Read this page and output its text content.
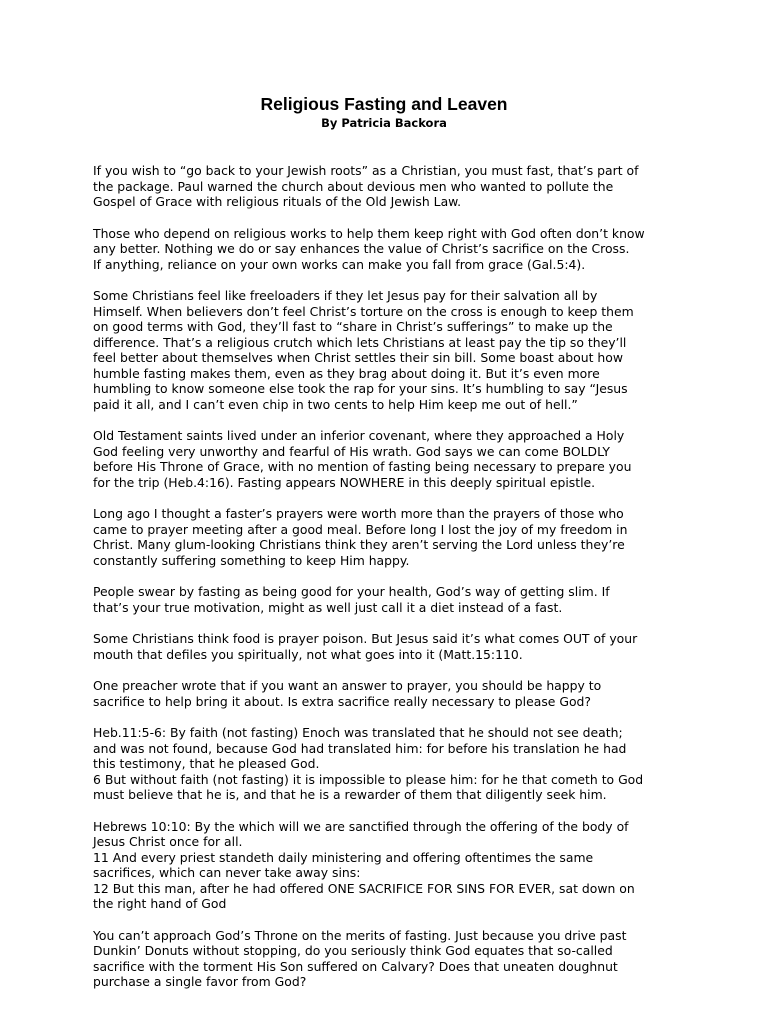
Religious Fasting and Leaven
By Patricia Backora

If you wish to “go back to your Jewish roots” as a Christian, you must fast, that’s part of
the package. Paul warned the church about devious men who wanted to pollute the
Gospel of Grace with religious rituals of the Old Jewish Law.

Those who depend on religious works to help them keep right with God often don’t know
any better. Nothing we do or say enhances the value of Christ’s sacrifice on the Cross.
If anything, reliance on your own works can make you fall from grace (Gal.5:4).

Some Christians feel like freeloaders if they let Jesus pay for their salvation all by
Himself. When believers don’t feel Christ’s torture on the cross is enough to keep them
on good terms with God, they’ll fast to “share in Christ’s sufferings” to make up the
difference. That’s a religious crutch which lets Christians at least pay the tip so they’ll
feel better about themselves when Christ settles their sin bill. Some boast about how
humble fasting makes them, even as they brag about doing it. But it’s even more
humbling to know someone else took the rap for your sins. It’s humbling to say “Jesus
paid it all, and I can’t even chip in two cents to help Him keep me out of hell.”

Old Testament saints lived under an inferior covenant, where they approached a Holy
God feeling very unworthy and fearful of His wrath. God says we can come BOLDLY
before His Throne of Grace, with no mention of fasting being necessary to prepare you
for the trip (Heb.4:16). Fasting appears NOWHERE in this deeply spiritual epistle.

Long ago I thought a faster’s prayers were worth more than the prayers of those who
came to prayer meeting after a good meal. Before long I lost the joy of my freedom in
Christ. Many glum-looking Christians think they aren’t serving the Lord unless they’re
constantly suffering something to keep Him happy.

People swear by fasting as being good for your health, God’s way of getting slim. If
that’s your true motivation, might as well just call it a diet instead of a fast.

Some Christians think food is prayer poison. But Jesus said it’s what comes OUT of your
mouth that defiles you spiritually, not what goes into it (Matt.15:110.

One preacher wrote that if you want an answer to prayer, you should be happy to
sacrifice to help bring it about. Is extra sacrifice really necessary to please God?

Heb.11:5-6: By faith (not fasting) Enoch was translated that he should not see death;
and was not found, because God had translated him: for before his translation he had
this testimony, that he pleased God.
6 But without faith (not fasting) it is impossible to please him: for he that cometh to God
must believe that he is, and that he is a rewarder of them that diligently seek him.

Hebrews 10:10: By the which will we are sanctified through the offering of the body of
Jesus Christ once for all.
11 And every priest standeth daily ministering and offering oftentimes the same
sacrifices, which can never take away sins:
12 But this man, after he had offered ONE SACRIFICE FOR SINS FOR EVER, sat down on
the right hand of God

You can’t approach God’s Throne on the merits of fasting. Just because you drive past
Dunkin’ Donuts without stopping, do you seriously think God equates that so-called
sacrifice with the torment His Son suffered on Calvary? Does that uneaten doughnut
purchase a single favor from God?
